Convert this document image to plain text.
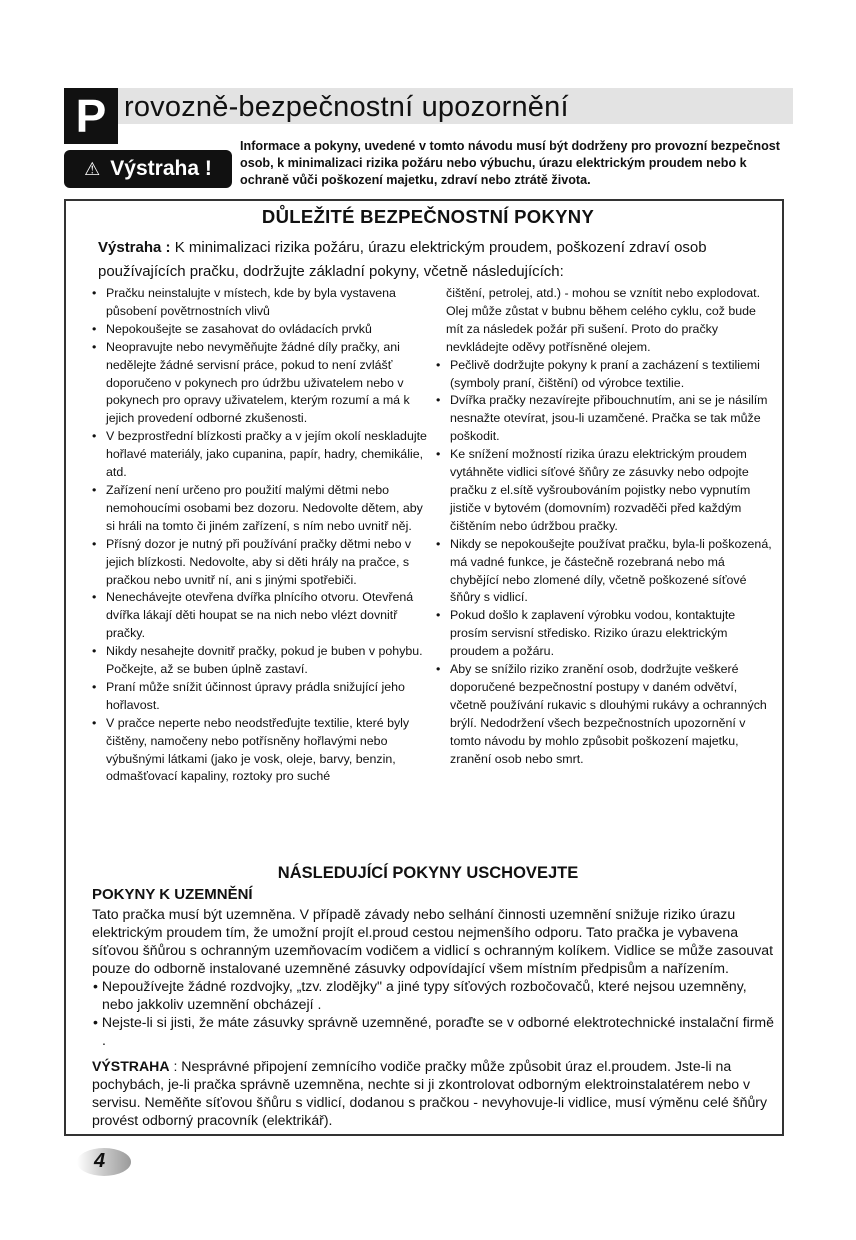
P rovozně-bezpečnostní upozornění
⚠ Výstraha !
Informace a pokyny, uvedené v tomto návodu musí být dodrženy pro provozní bezpečnost osob, k minimalizaci rizika požáru nebo výbuchu, úrazu elektrickým proudem nebo k ochraně vůči poškození majetku, zdraví nebo ztrátě života.
DŮLEŽITÉ BEZPEČNOSTNÍ POKYNY
Výstraha : K minimalizaci rizika požáru, úrazu elektrickým proudem, poškození zdraví osob používajících pračku, dodržujte základní pokyny, včetně následujících:
• Pračku neinstalujte v místech, kde by byla vystavena působení povětrnostních vlivů
• Nepokoušejte se zasahovat do ovládacích prvků
• Neopravujte nebo nevyměňujte žádné díly pračky, ani nedělejte žádné servisní práce, pokud to není zvlášť doporučeno v pokynech pro údržbu uživatelem nebo v pokynech pro opravy uživatelem, kterým rozumí a má k jejich provedení odborné zkušenosti.
• V bezprostřední blízkosti pračky a v jejím okolí neskladujte hořlavé materiály, jako cupanina, papír, hadry, chemikálie, atd.
• Zařízení není určeno pro použití malými dětmi nebo nemohoucími osobami bez dozoru. Nedovolte dětem, aby si hráli na tomto či jiném zařízení, s ním nebo uvnitř něj.
• Přísný dozor je nutný při používání pračky dětmi nebo v jejich blízkosti. Nedovolte, aby si děti hrály na pračce, s pračkou nebo uvnitř ní, ani s jinými spotřebiči.
• Nenechávejte otevřena dvířka plnícího otvoru. Otevřená dvířka lákají děti houpat se na nich nebo vlézt dovnitř pračky.
• Nikdy nesahejte dovnitř pračky, pokud je buben v pohybu. Počkejte, až se buben úplně zastaví.
• Praní může snížit účinnost úpravy prádla snižující jeho hořlavost.
• V pračce neperte nebo neodstřeďujte textilie, které byly čištěny, namočeny nebo potřísněny hořlavými nebo výbušnými látkami (jako je vosk, oleje, barvy, benzin, odmašťovací kapaliny, roztoky pro suché

čištění, petrolej, atd.) - mohou se vznítit nebo explodovat. Olej může zůstat v bubnu během celého cyklu, což bude mít za následek požár při sušení. Proto do pračky nevkládejte oděvy potřísněné olejem.

• Pečlivě dodržujte pokyny k praní a zacházení s textiliemi (symboly praní, čištění) od výrobce textilie.
• Dvířka pračky nezavírejte přibouchnutím, ani se je násilím nesnažte otevírat, jsou-li uzamčené. Pračka se tak může poškodit.
• Ke snížení možností rizika úrazu elektrickým proudem vytáhněte vidlici síťové šňůry ze zásuvky nebo odpojte pračku z el.sítě vyšroubováním pojistky nebo vypnutím jističe v bytovém (domovním) rozvaděči před každým čištěním nebo údržbou pračky.
• Nikdy se nepokoušejte používat pračku, byla-li poškozená, má vadné funkce, je částečně rozebraná nebo má chybějící nebo zlomené díly, včetně poškozené síťové šňůry s vidlicí.
• Pokud došlo k zaplavení výrobku vodou, kontaktujte prosím servisní středisko. Riziko úrazu elektrickým proudem a požáru.
• Aby se snížilo riziko zranění osob, dodržujte veškeré doporučené bezpečnostní postupy v daném odvětví, včetně používání rukavic s dlouhými rukávy a ochranných brýlí. Nedodržení všech bezpečnostních upozornění v tomto návodu by mohlo způsobit poškození majetku, zranění osob nebo smrt.
NÁSLEDUJÍCÍ POKYNY USCHOVEJTE
POKYNY K UZEMNĚNÍ

Tato pračka musí být uzemněna. V případě závady nebo selhání činnosti uzemnění snižuje riziko úrazu elektrickým proudem tím, že umožní projít el.proud cestou nejmenšího odporu. Tato pračka je vybavena síťovou šňůrou s ochranným uzemňovacím vodičem a vidlicí s ochranným kolíkem. Vidlice se může zasouvat pouze do odborně instalované uzemněné zásuvky odpovídající všem místním předpisům a nařízením.

• Nepoužívejte žádné rozdvojky, „tzv. zlodějky" a jiné typy síťových rozbočovačů, které nejsou uzemněny, nebo jakkoliv uzemnění obcházejí .

• Nejste-li si jisti, že máte zásuvky správně uzemněné, poraďte se v odborné elektrotechnické instalační firmě .

VÝSTRAHA : Nesprávné připojení zemnícího vodiče pračky může způsobit úraz el.proudem. Jste-li na pochybách, je-li pračka správně uzemněna, nechte si ji zkontrolovat odborným elektroinstalatérem nebo v servisu. Neměňte síťovou šňůru s vidlicí, dodanou s pračkou - nevyhovuje-li vidlice, musí výměnu celé šňůry provést odborný pracovník (elektrikář).
4
